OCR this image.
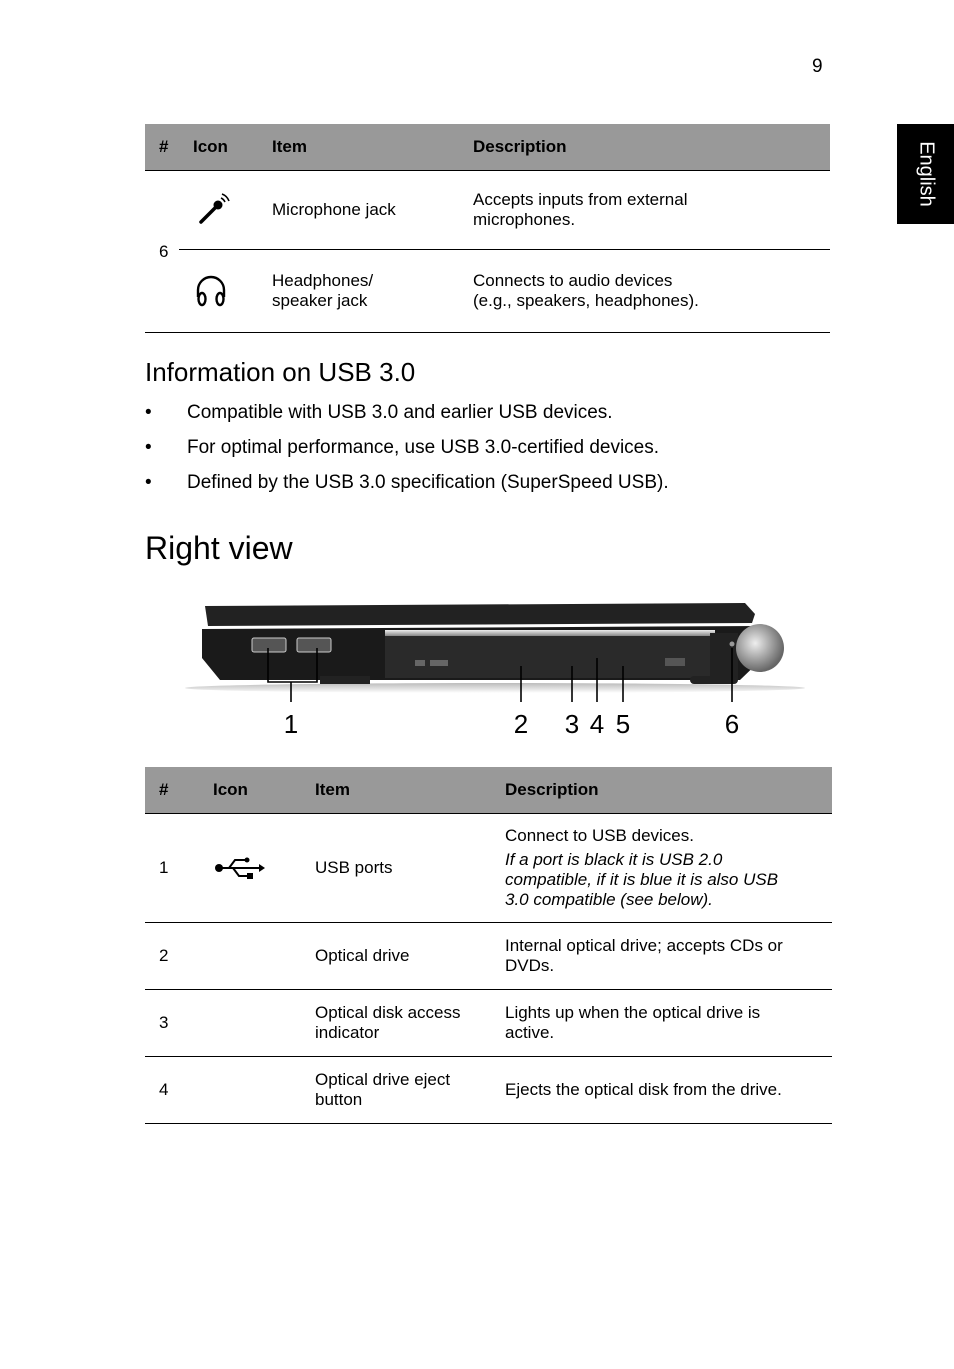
9
English
#	Icon	Item	Description
6		Microphone jack	Accepts inputs from external
microphones.

	Headphones/
speaker jack	Connects to audio devices
(e.g., speakers, headphones).
Information on USB 3.0
• Compatible with USB 3.0 and earlier USB devices.
• For optimal performance, use USB 3.0-certified devices.
• Defined by the USB 3.0 specification (SuperSpeed USB).
Right view
1	2 3 4 5	6
#	Icon	Item	Description
1		USB ports	Connect to USB devices.
If a port is black it is USB 2.0
compatible, if it is blue it is also USB
3.0 compatible (see below).

2		Optical drive	Internal optical drive; accepts CDs or
DVDs.
3		Optical disk access
indicator	Lights up when the optical drive is
active.
4		Optical drive eject
button	Ejects the optical disk from the drive.
